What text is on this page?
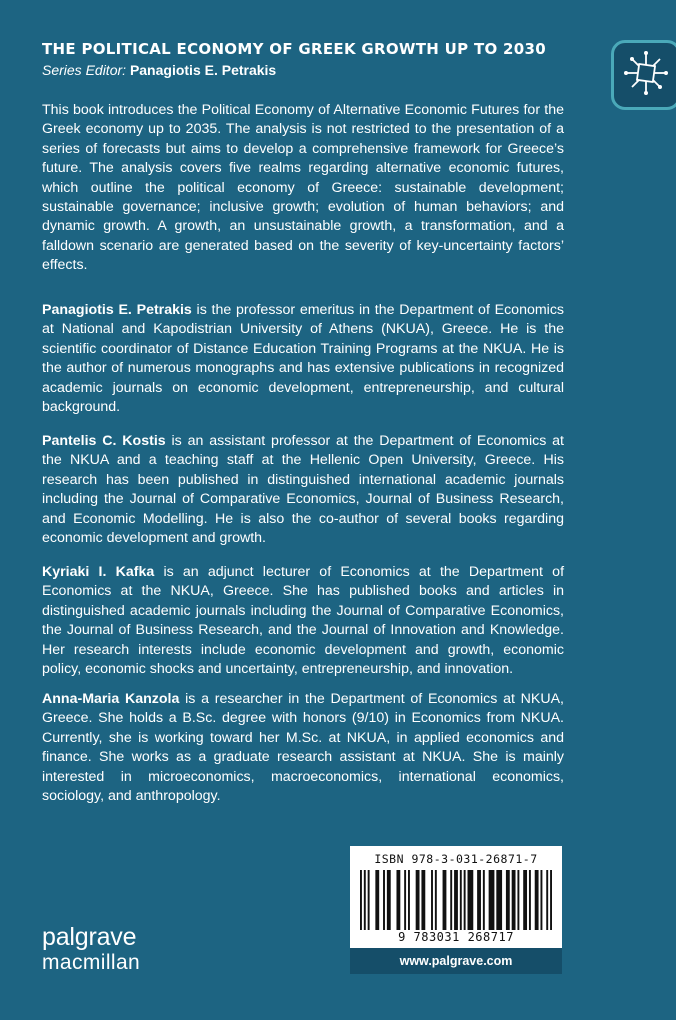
THE POLITICAL ECONOMY OF GREEK GROWTH UP TO 2030
Series Editor: Panagiotis E. Petrakis

This book introduces the Political Economy of Alternative Economic Futures for the Greek economy up to 2035. The analysis is not restricted to the presentation of a series of forecasts but aims to develop a comprehensive framework for Greece’s future. The analysis covers five realms regarding alternative economic futures, which outline the political economy of Greece: sustainable development; sustainable governance; inclusive growth; evolution of human behaviors; and dynamic growth. A growth, an unsustainable growth, a transformation, and a falldown scenario are generated based on the severity of key-uncertainty factors’ effects.

Panagiotis E. Petrakis is the professor emeritus in the Department of Economics at National and Kapodistrian University of Athens (NKUA), Greece. He is the scientific coordinator of Distance Education Training Programs at the NKUA. He is the author of numerous monographs and has extensive publications in recognized academic journals on economic development, entrepreneurship, and cultural background.

Pantelis C. Kostis is an assistant professor at the Department of Economics at the NKUA and a teaching staff at the Hellenic Open University, Greece. His research has been published in distinguished international academic journals including the Journal of Comparative Economics, Journal of Business Research, and Economic Modelling. He is also the co-author of several books regarding economic development and growth.

Kyriaki I. Kafka is an adjunct lecturer of Economics at the Department of Economics at the NKUA, Greece. She has published books and articles in distinguished academic journals including the Journal of Comparative Economics, the Journal of Business Research, and the Journal of Innovation and Knowledge. Her research interests include economic development and growth, economic policy, economic shocks and uncertainty, entrepreneurship, and innovation.

Anna-Maria Kanzola is a researcher in the Department of Economics at NKUA, Greece. She holds a B.Sc. degree with honors (9/10) in Economics from NKUA. Currently, she is working toward her M.Sc. at NKUA, in applied economics and finance. She works as a graduate research assistant at NKUA. She is mainly interested in microeconomics, macroeconomics, international economics, sociology, and anthropology.

ISBN 978-3-031-26871-7
9 783031 268717
www.palgrave.com
palgrave
macmillan
